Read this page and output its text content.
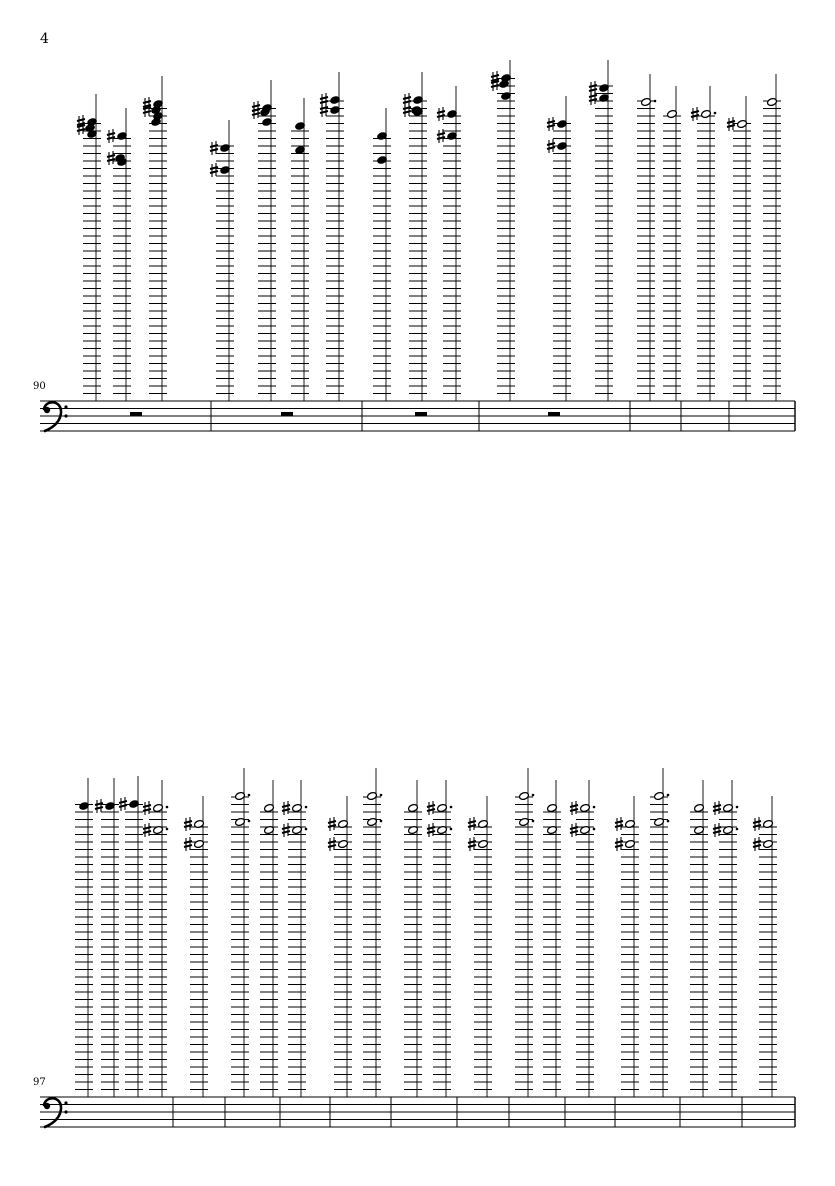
4
90
97
